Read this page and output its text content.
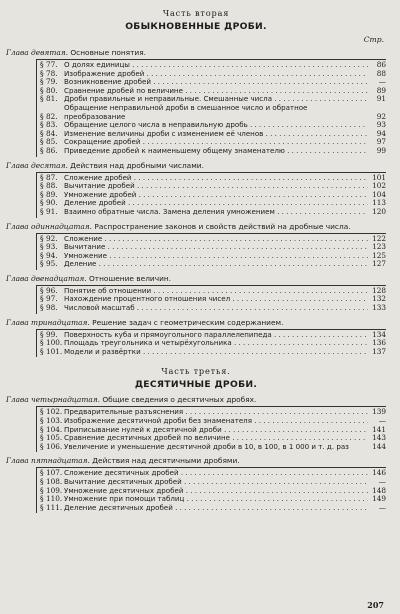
Часть вторая
ОБЫКНОВЕННЫЕ ДРОБИ.
Стр.
Глава девятая. Основные понятия.
§ 77. О долях единицы . . .	86
§ 78. Изображение дробей . . .	88
§ 79. Возникновение дробей . . .	—
§ 80. Сравнение дробей по величине . . .	89
§ 81. Дроби правильные и неправильные. Смешанные числа . . .	91
§ 82.
Обращение неправильной дроби в смешанное число и обратное преобразование	92
§ 83. Обращение целого числа в неправильную дробь . . .	93
§ 84. Изменение величины дроби с изменением её членов . . .	94
§ 85. Сокращение дробей . . .	97
§ 86. Приведение дробей к наименьшему общему знаменателю . . .	99
Глава десятая. Действия над дробными числами.
§ 87. Сложение дробей . . .	101
§ 88. Вычитание дробей . . .	102
§ 89. Умножение дробей . . .	104
§ 90. Деление дробей . . .	113
§ 91. Взаимно обратные числа. Замена деления умножением . . .	120
Глава одиннадцатая. Распространение законов и свойств действий на дробные числа.
§ 92. Сложение . . .	122
§ 93. Вычитание . . .	123
§ 94. Умножение . . .	125
§ 95. Деление . . .	127
Глава двенадцатая. Отношение величин.
§ 96. Понятие об отношении . . .	128
§ 97. Нахождение процентного отношения чисел . . .	132
§ 98. Числовой масштаб . . .	133
Глава тринадцатая. Решение задач с геометрическим содержанием.
§ 99. Поверхность куба и прямоугольного параллелепипеда . . .	134
§ 100. Площадь треугольника и четырёхугольника . . .	136
§ 101. Модели и развёртки . . .	137
Часть третья.
ДЕСЯТИЧНЫЕ ДРОБИ.
Глава четырнадцатая. Общие сведения о десятичных дробях.
§ 102. Предварительные разъяснения . . .	139
§ 103. Изображение десятичной дроби без знаменателя . . .	—
§ 104. Приписывание нулей к десятичной дроби . . .	141
§ 105. Сравнение десятичных дробей по величине . . .	143
§ 106. Увеличение и уменьшение десятичной дроби в 10, в 100, в 1 000 и т. д. раз	144
Глава пятнадцатая. Действия над десятичными дробями.
§ 107. Сложение десятичных дробей . . .	146
§ 108. Вычитание десятичных дробей . . .	—
§ 109. Умножение десятичных дробей . . .	148
§ 110. Умножение при помощи таблиц . . .	149
§ 111. Деление десятичных дробей . . .	—
207
